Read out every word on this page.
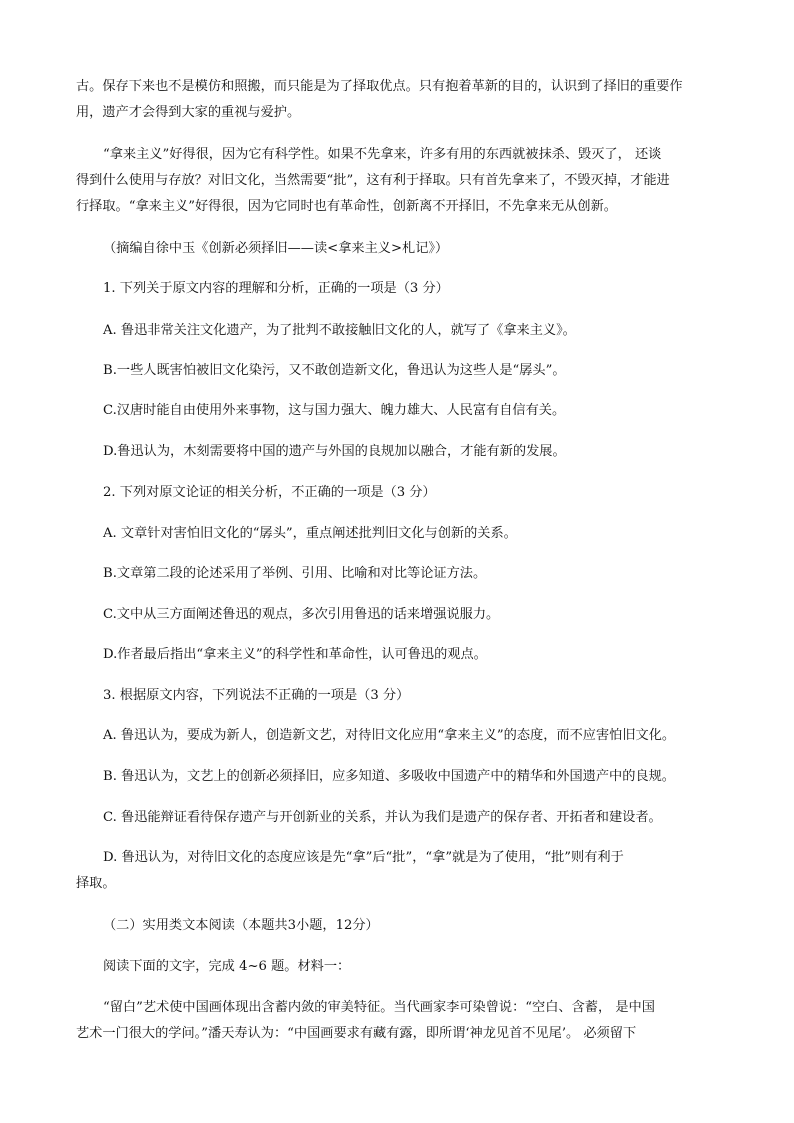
古。保存下来也不是模仿和照搬，而只能是为了择取优点。只有抱着革新的目的，认识到了择旧的重要作
用，遗产才会得到大家的重视与爱护。
“拿来主义”好得很，因为它有科学性。如果不先拿来，许多有用的东西就被抹杀、毁灭了， 还谈
得到什么使用与存放？对旧文化，当然需要“批”，这有利于择取。只有首先拿来了，不毁灭掉，才能进
行择取。“拿来主义”好得很，因为它同时也有革命性，创新离不开择旧，不先拿来无从创新。
（摘编自徐中玉《创新必须择旧——读<拿来主义>札记》）
1. 下列关于原文内容的理解和分析，正确的一项是（3 分）
A. 鲁迅非常关注文化遗产，为了批判不敢接触旧文化的人，就写了《拿来主义》。
B.一些人既害怕被旧文化染污，又不敢创造新文化，鲁迅认为这些人是“孱头”。
C.汉唐时能自由使用外来事物，这与国力强大、魄力雄大、人民富有自信有关。
D.鲁迅认为，木刻需要将中国的遗产与外国的良规加以融合，才能有新的发展。
2. 下列对原文论证的相关分析，不正确的一项是（3 分）
A. 文章针对害怕旧文化的“孱头”，重点阐述批判旧文化与创新的关系。
B.文章第二段的论述采用了举例、引用、比喻和对比等论证方法。
C.文中从三方面阐述鲁迅的观点，多次引用鲁迅的话来增强说服力。
D.作者最后指出“拿来主义”的科学性和革命性，认可鲁迅的观点。
3. 根据原文内容，下列说法不正确的一项是（3 分）
A. 鲁迅认为，要成为新人，创造新文艺，对待旧文化应用“拿来主义”的态度，而不应害怕旧文化。
B. 鲁迅认为，文艺上的创新必须择旧，应多知道、多吸收中国遗产中的精华和外国遗产中的良规。
C. 鲁迅能辩证看待保存遗产与开创新业的关系，并认为我们是遗产的保存者、开拓者和建设者。
D. 鲁迅认为，对待旧文化的态度应该是先“拿”后“批”，“拿”就是为了使用，“批”则有利于
择取。
（二）实用类文本阅读（本题共3小题，12分）
阅读下面的文字，完成 4~6 题。材料一：
“留白”艺术使中国画体现出含蓄内敛的审美特征。当代画家李可染曾说：“空白、含蓄， 是中国
艺术一门很大的学问。”潘天寿认为：“中国画要求有藏有露，即所谓‘神龙见首不见尾’。 必须留下
